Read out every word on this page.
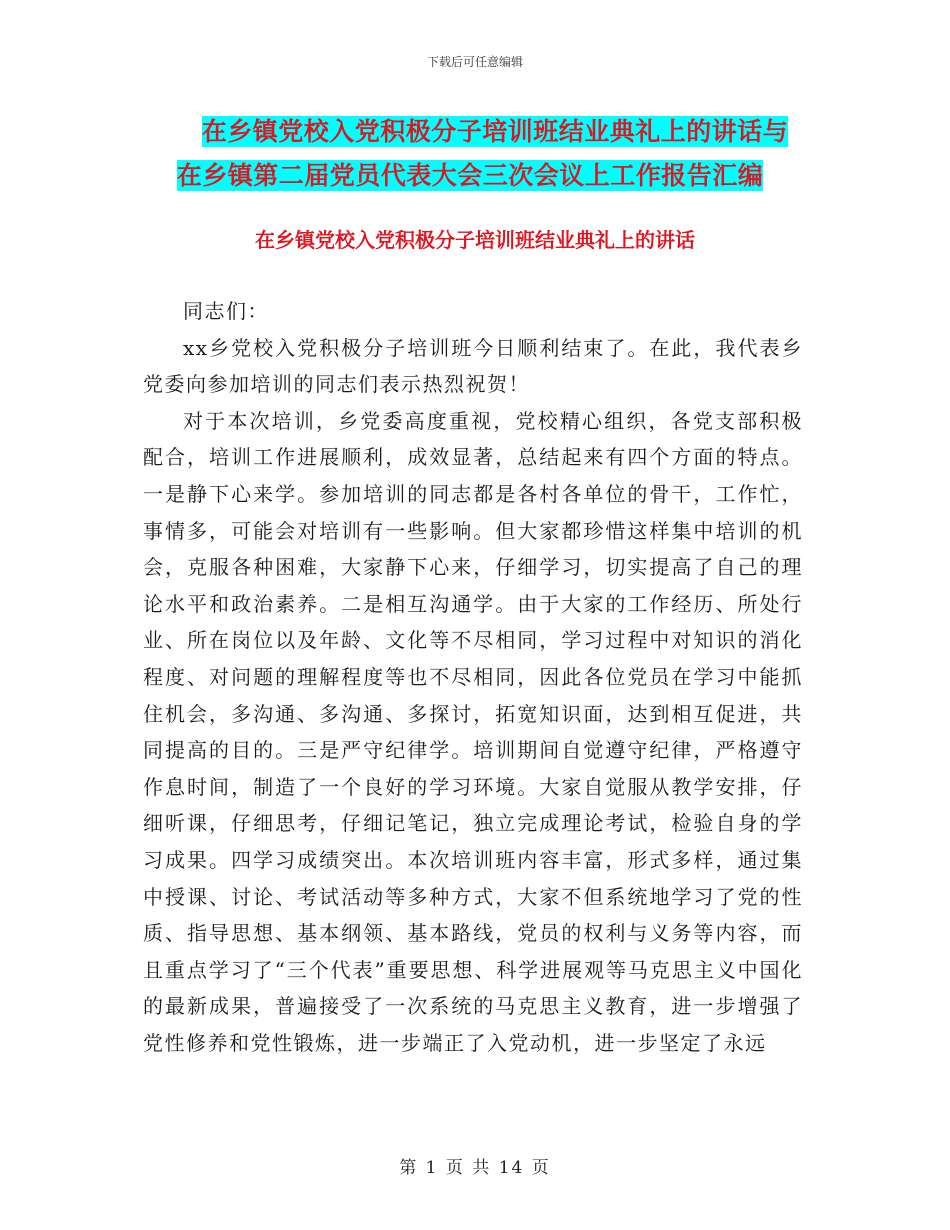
下载后可任意编辑
在乡镇党校入党积极分子培训班结业典礼上的讲话与
在乡镇第二届党员代表大会三次会议上工作报告汇编
在乡镇党校入党积极分子培训班结业典礼上的讲话

同志们：

xx乡党校入党积极分子培训班今日顺利结束了。在此，我代表乡党委向参加培训的同志们表示热烈祝贺！

对于本次培训，乡党委高度重视，党校精心组织，各党支部积极配合，培训工作进展顺利，成效显著，总结起来有四个方面的特点。一是静下心来学。参加培训的同志都是各村各单位的骨干，工作忙，事情多，可能会对培训有一些影响。但大家都珍惜这样集中培训的机会，克服各种困难，大家静下心来，仔细学习，切实提高了自己的理论水平和政治素养。二是相互沟通学。由于大家的工作经历、所处行业、所在岗位以及年龄、文化等不尽相同，学习过程中对知识的消化程度、对问题的理解程度等也不尽相同，因此各位党员在学习中能抓住机会，多沟通、多沟通、多探讨，拓宽知识面，达到相互促进，共同提高的目的。三是严守纪律学。培训期间自觉遵守纪律，严格遵守作息时间，制造了一个良好的学习环境。大家自觉服从教学安排，仔细听课，仔细思考，仔细记笔记，独立完成理论考试，检验自身的学习成果。四学习成绩突出。本次培训班内容丰富，形式多样，通过集中授课、讨论、考试活动等多种方式，大家不但系统地学习了党的性质、指导思想、基本纲领、基本路线，党员的权利与义务等内容，而且重点学习了“三个代表”重要思想、科学进展观等马克思主义中国化的最新成果，普遍接受了一次系统的马克思主义教育，进一步增强了党性修养和党性锻炼，进一步端正了入党动机，进一步坚定了永远

第 1 页 共 14 页
